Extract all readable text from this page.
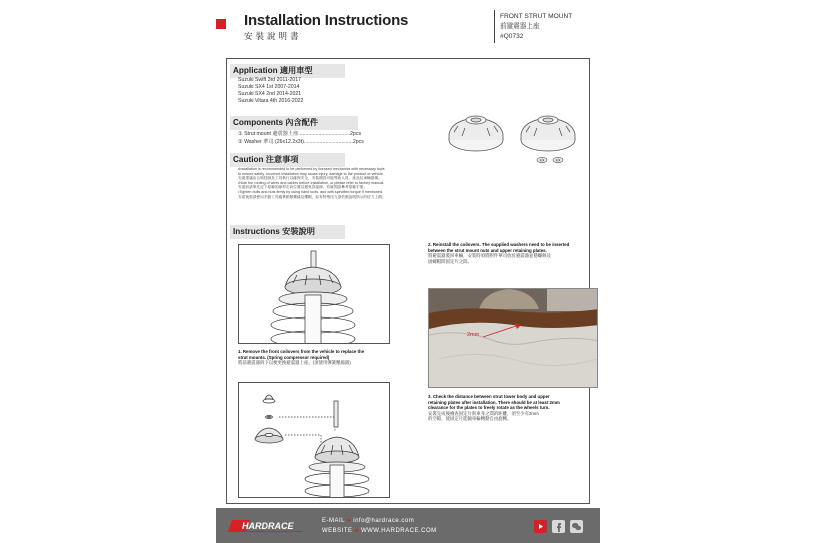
Installation Instructions
安裝說明書
FRONT STRUT MOUNT
前避震器上座
#Q0732
Application 適用車型
Suzuki Swift 3rd 2011-2017
Suzuki SX4 1st 2007-2014
Suzuki SX4 2nd 2014-2021
Suzuki Vitara 4th 2016-2022
Components 內含配件
① Strut mount 避震器上座....................................2pcs
② Washer 華司 (26x12.2x3t)..................................2pcs
Caution 注意事項
•Installation is recommended to be performed by licensed mechanics with necessary tools
to ensure safety. Incorrect installation may cause injury, damage to the product or vehicle.
安裝建議由合格技師及工具執行以確保安全，安裝錯誤可能導致人員、產品及車輛損傷。
•Note the routing of wires and cables before installation, or please refer to factory manual.
安裝前請事先記下原廠的線材走向位置以避免誤接線，有疑問請參考原廠手冊。
•Tighten bolts and nuts firmly by using hand tools, and with specified torque if mentioned.
安裝後需請使用手動工具確實鎖緊螺絲及螺帽，如有特殊扭力請依照說明指示的扭力上鎖。
Instructions 安裝說明
1. Remove the front coilovers from the vehicle to replace the
strut mounts. (Spring compressor required)
將前避震器拆下以便更換避震器上座。(須使用彈簧壓縮器)
2. Reinstall the coilovers. The supplied washers need to be inserted
between the strut mount nuts and upper retaining plates.
將避震器裝回車輛，安裝時須將附件華司放於避震器並穩螺絲及
固螺帽間固定片之間。
2mm
3. Check the distance between strut tower body and upper
retaining plates after installation. There should be at least 2mm
clearance for the plates to freely rotate as the wheels turn.
安裝完成後檢查固定片與車身之間的距離，須至少有2mm
的空隙，使固定片能隨車輪轉動自由旋轉。
HARDRACE	E-MAIL ● info@hardrace.com
WEBSITE ● WWW.HARDRACE.COM
